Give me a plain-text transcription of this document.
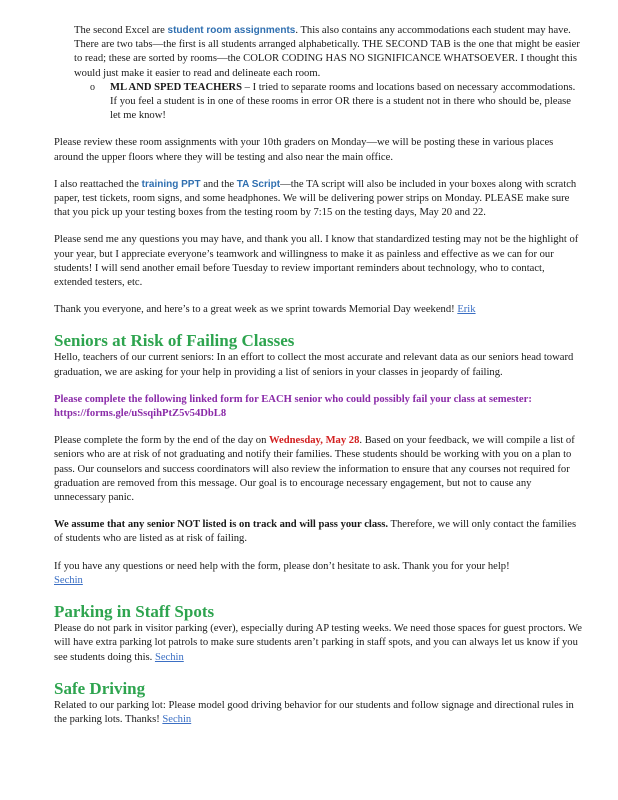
The second Excel are student room assignments. This also contains any accommodations each student may have. There are two tabs—the first is all students arranged alphabetically. THE SECOND TAB is the one that might be easier to read; these are sorted by rooms—the COLOR CODING HAS NO SIGNIFICANCE WHATSOEVER. I thought this would just make it easier to read and delineate each room.

o ML AND SPED TEACHERS – I tried to separate rooms and locations based on necessary accommodations. If you feel a student is in one of these rooms in error OR there is a student not in there who should be, please let me know!

Please review these room assignments with your 10th graders on Monday—we will be posting these in various places around the upper floors where they will be testing and also near the main office.

I also reattached the training PPT and the TA Script—the TA script will also be included in your boxes along with scratch paper, test tickets, room signs, and some headphones. We will be delivering power strips on Monday. PLEASE make sure that you pick up your testing boxes from the testing room by 7:15 on the testing days, May 20 and 22.

Please send me any questions you may have, and thank you all. I know that standardized testing may not be the highlight of your year, but I appreciate everyone’s teamwork and willingness to make it as painless and effective as we can for our students! I will send another email before Tuesday to review important reminders about technology, who to contact, extended testers, etc.

Thank you everyone, and here’s to a great week as we sprint towards Memorial Day weekend! Erik

Seniors at Risk of Failing Classes

Hello, teachers of our current seniors: In an effort to collect the most accurate and relevant data as our seniors head toward graduation, we are asking for your help in providing a list of seniors in your classes in jeopardy of failing.

Please complete the following linked form for EACH senior who could possibly fail your class at semester: https://forms.gle/uSsqihPtZ5v54DbL8

Please complete the form by the end of the day on Wednesday, May 28. Based on your feedback, we will compile a list of seniors who are at risk of not graduating and notify their families. These students should be working with you on a plan to pass. Our counselors and success coordinators will also review the information to ensure that any courses not required for graduation are removed from this message. Our goal is to encourage necessary engagement, but not to cause any unnecessary panic.

We assume that any senior NOT listed is on track and will pass your class. Therefore, we will only contact the families of students who are listed as at risk of failing.

If you have any questions or need help with the form, please don’t hesitate to ask. Thank you for your help!
Sechin

Parking in Staff Spots

Please do not park in visitor parking (ever), especially during AP testing weeks. We need those spaces for guest proctors. We will have extra parking lot patrols to make sure students aren’t parking in staff spots, and you can always let us know if you see students doing this. Sechin

Safe Driving

Related to our parking lot: Please model good driving behavior for our students and follow signage and directional rules in the parking lots. Thanks! Sechin
